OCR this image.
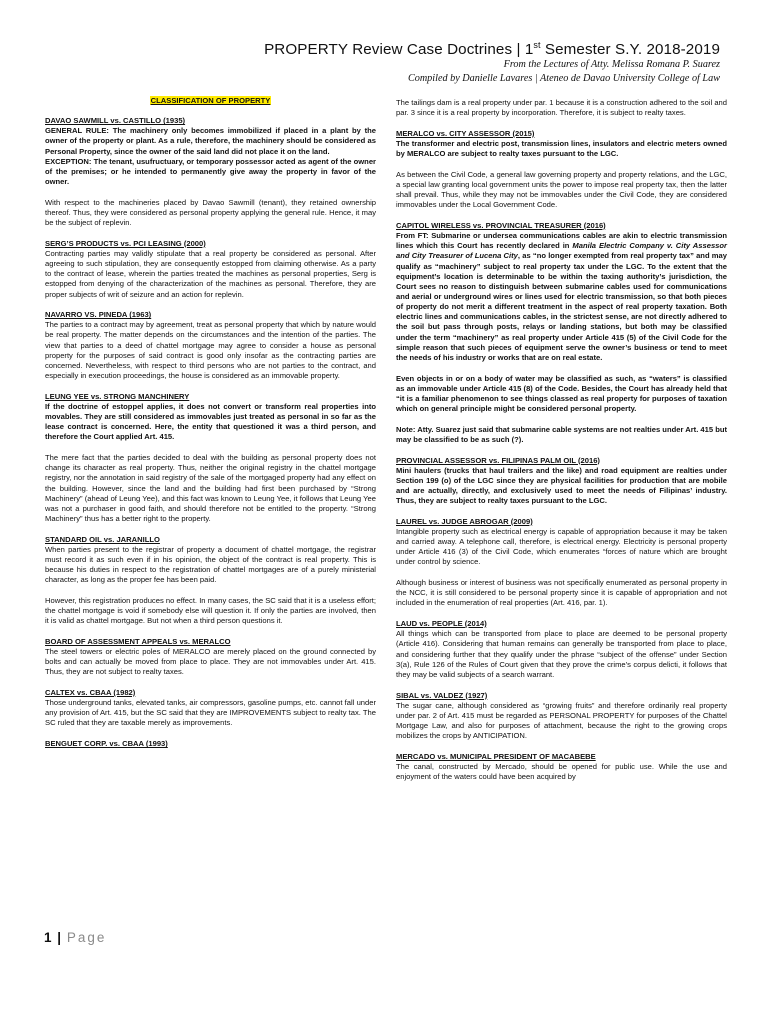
PROPERTY Review Case Doctrines | 1st Semester S.Y. 2018-2019
From the Lectures of Atty. Melissa Romana P. Suarez
Compiled by Danielle Lavares | Ateneo de Davao University College of Law
CLASSIFICATION OF PROPERTY
DAVAO SAWMILL vs. CASTILLO (1935)

GENERAL RULE: The machinery only becomes immobilized if placed in a plant by the owner of the property or plant. As a rule, therefore, the machinery should be considered as Personal Property, since the owner of the said land did not place it on the land.

EXCEPTION: The tenant, usufructuary, or temporary possessor acted as agent of the owner of the premises; or he intended to permanently give away the property in favor of the owner.

With respect to the machineries placed by Davao Sawmill (tenant), they retained ownership thereof. Thus, they were considered as personal property applying the general rule. Hence, it may be the subject of replevin.

SERG’S PRODUCTS vs. PCI LEASING (2000)

Contracting parties may validly stipulate that a real property be considered as personal. After agreeing to such stipulation, they are consequently estopped from claiming otherwise. As a party to the contract of lease, wherein the parties treated the machines as personal properties, Serg is estopped from denying of the characterization of the machines as personal. Therefore, they are proper subjects of writ of seizure and an action for replevin.

NAVARRO VS. PINEDA (1963)

The parties to a contract may by agreement, treat as personal property that which by nature would be real property. The matter depends on the circumstances and the intention of the parties. The view that parties to a deed of chattel mortgage may agree to consider a house as personal property for the purposes of said contract is good only insofar as the contracting parties are concerned. Nevertheless, with respect to third persons who are not parties to the contract, and especially in execution proceedings, the house is considered as an immovable property.

LEUNG YEE vs. STRONG MANCHINERY

If the doctrine of estoppel applies, it does not convert or transform real properties into movables. They are still considered as immovables just treated as personal in so far as the lease contract is concerned. Here, the entity that questioned it was a third person, and therefore the Court applied Art. 415.

The mere fact that the parties decided to deal with the building as personal property does not change its character as real property. Thus, neither the original registry in the chattel mortgage registry, nor the annotation in said registry of the sale of the mortgaged property had any effect on the building. However, since the land and the building had first been purchased by “Strong Machinery” (ahead of Leung Yee), and this fact was known to Leung Yee, it follows that Leung Yee was not a purchaser in good faith, and should therefore not be entitled to the property. “Strong Machinery” thus has a better right to the property.

STANDARD OIL vs. JARANILLO

When parties present to the registrar of property a document of chattel mortgage, the registrar must record it as such even if in his opinion, the object of the contract is real property. This is because his duties in respect to the registration of chattel mortgages are of a purely ministerial character, as long as the proper fee has been paid.

However, this registration produces no effect. In many cases, the SC said that it is a useless effort; the chattel mortgage is void if somebody else will question it. If only the parties are involved, then it is valid as chattel mortgage. But not when a third person questions it.

BOARD OF ASSESSMENT APPEALS vs. MERALCO

The steel towers or electric poles of MERALCO are merely placed on the ground connected by bolts and can actually be moved from place to place. They are not immovables under Art. 415. Thus, they are not subject to realty taxes.

CALTEX vs. CBAA (1982)

Those underground tanks, elevated tanks, air compressors, gasoline pumps, etc. cannot fall under any provision of Art. 415, but the SC said that they are IMPROVEMENTS subject to realty tax. The SC ruled that they are taxable merely as improvements.

BENGUET CORP. vs. CBAA (1993)

The tailings dam is a real property under par. 1 because it is a construction adhered to the soil and par. 3 since it is a real property by incorporation. Therefore, it is subject to realty taxes.

MERALCO vs. CITY ASSESSOR (2015)

The transformer and electric post, transmission lines, insulators and electric meters owned by MERALCO are subject to realty taxes pursuant to the LGC.

As between the Civil Code, a general law governing property and property relations, and the LGC, a special law granting local government units the power to impose real property tax, then the latter shall prevail. Thus, while they may not be immovables under the Civil Code, they are considered immovables under the Local Government Code.

CAPITOL WIRELESS vs. PROVINCIAL TREASURER (2016)

From FT: Submarine or undersea communications cables are akin to electric transmission lines which this Court has recently declared in Manila Electric Company v. City Assessor and City Treasurer of Lucena City, as “no longer exempted from real property tax” and may qualify as “machinery” subject to real property tax under the LGC. To the extent that the equipment’s location is determinable to be within the taxing authority’s jurisdiction, the Court sees no reason to distinguish between submarine cables used for communications and aerial or underground wires or lines used for electric transmission, so that both pieces of property do not merit a different treatment in the aspect of real property taxation. Both electric lines and communications cables, in the strictest sense, are not directly adhered to the soil but pass through posts, relays or landing stations, but both may be classified under the term “machinery” as real property under Article 415 (5) of the Civil Code for the simple reason that such pieces of equipment serve the owner’s business or tend to meet the needs of his industry or works that are on real estate.

Even objects in or on a body of water may be classified as such, as “waters” is classified as an immovable under Article 415 (8) of the Code. Besides, the Court has already held that “it is a familiar phenomenon to see things classed as real property for purposes of taxation which on general principle might be considered personal property.

Note: Atty. Suarez just said that submarine cable systems are not realties under Art. 415 but may be classified to be as such (?).

PROVINCIAL ASSESSOR vs. FILIPINAS PALM OIL (2016)

Mini haulers (trucks that haul trailers and the like) and road equipment are realties under Section 199 (o) of the LGC since they are physical facilities for production that are mobile and are actually, directly, and exclusively used to meet the needs of Filipinas’ industry. Thus, they are subject to realty taxes pursuant to the LGC.

LAUREL vs. JUDGE ABROGAR (2009)

Intangible property such as electrical energy is capable of appropriation because it may be taken and carried away. A telephone call, therefore, is electrical energy. Electricity is personal property under Article 416 (3) of the Civil Code, which enumerates “forces of nature which are brought under control by science.

Although business or interest of business was not specifically enumerated as personal property in the NCC, it is still considered to be personal property since it is capable of appropriation and not included in the enumeration of real properties (Art. 416, par. 1).

LAUD vs. PEOPLE (2014)

All things which can be transported from place to place are deemed to be personal property (Article 416). Considering that human remains can generally be transported from place to place, and considering further that they qualify under the phrase “subject of the offense” under Section 3(a), Rule 126 of the Rules of Court given that they prove the crime’s corpus delicti, it follows that they may be valid subjects of a search warrant.

SIBAL vs. VALDEZ (1927)

The sugar cane, although considered as “growing fruits” and therefore ordinarily real property under par. 2 of Art. 415 must be regarded as PERSONAL PROPERTY for purposes of the Chattel Mortgage Law, and also for purposes of attachment, because the right to the growing crops mobilizes the crops by ANTICIPATION.

MERCADO vs. MUNICIPAL PRESIDENT OF MACABEBE

The canal, constructed by Mercado, should be opened for public use. While the use and enjoyment of the waters could have been acquired by

1 | Page
